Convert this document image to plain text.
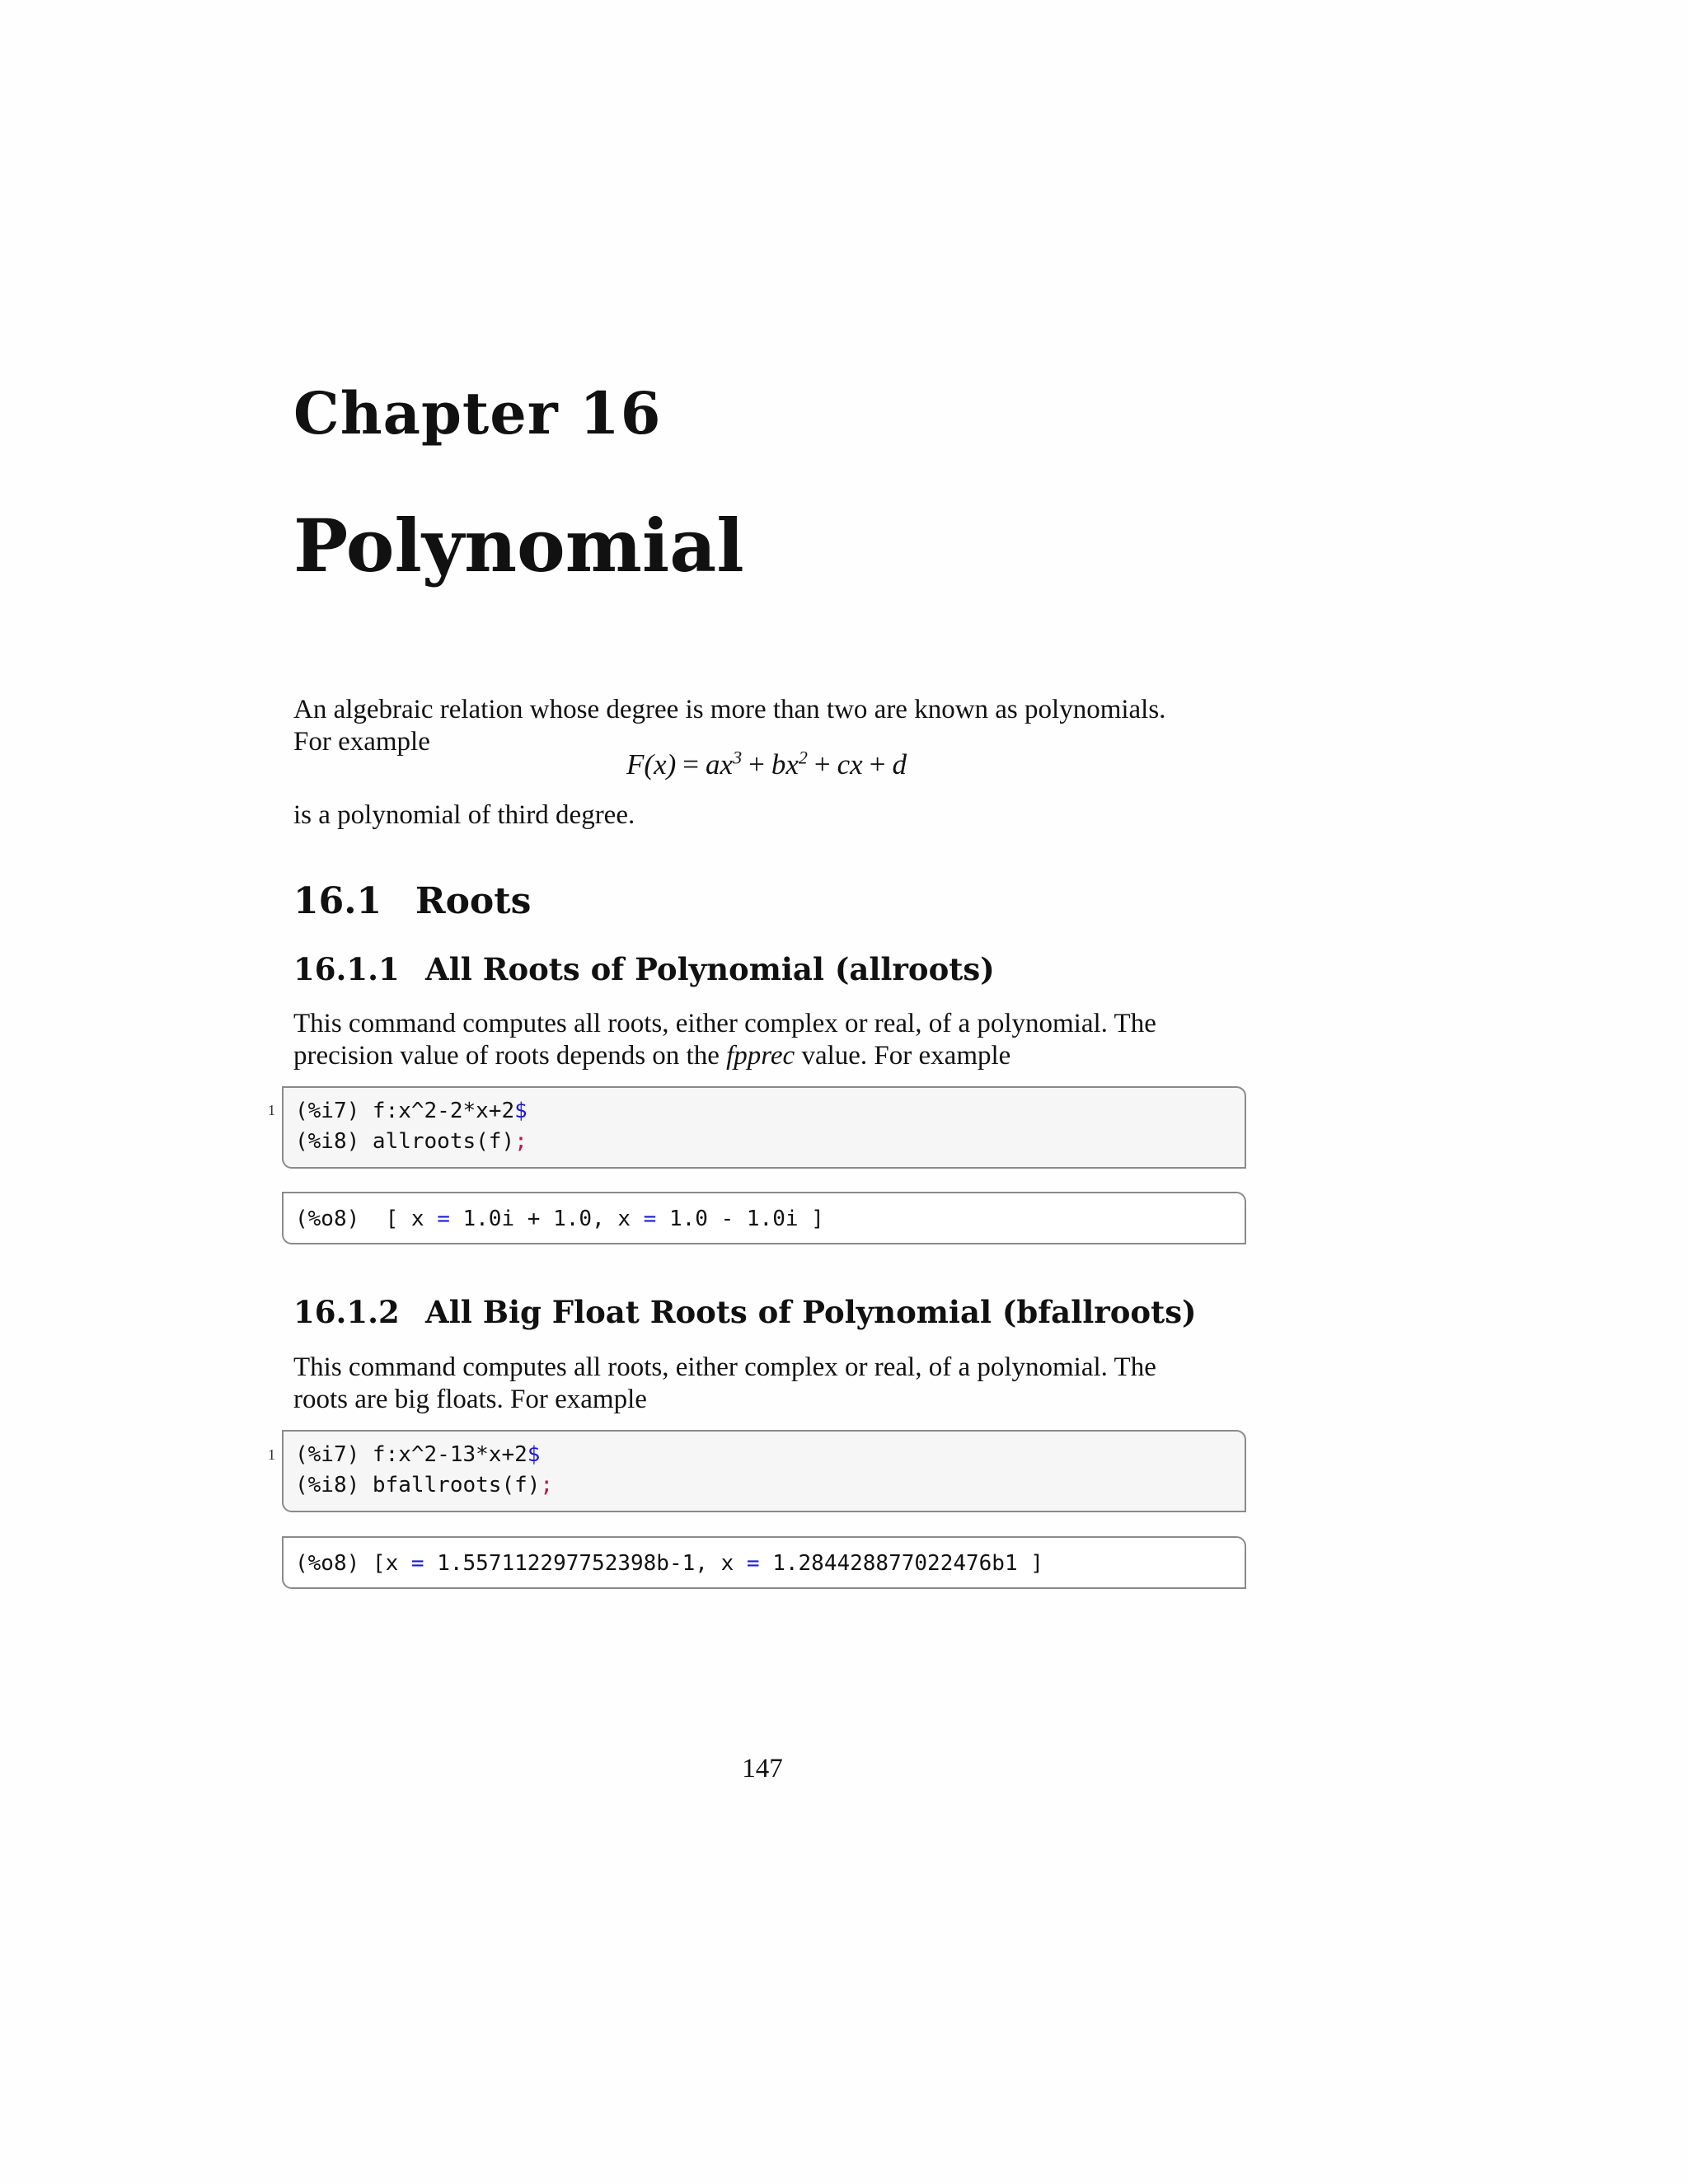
Chapter 16
Polynomial
An algebraic relation whose degree is more than two are known as polynomials.
For example
$F(x) = ax^3 + bx^2$ + cx + d
is a polynomial of third degree.
16.1 Roots
16.1.1 All Roots of Polynomial (allroots)
This command computes all roots, either complex or real, of a polynomial. The
precision value of roots depends on the fpprec value. For example
1 (%i7) f:x^2-2*x+2$
(%i8) allroots(f);
(%o8)  [ x = 1.0i + 1.0, x = 1.0 - 1.0i ]
16.1.2 All Big Float Roots of Polynomial (bfallroots)
This command computes all roots, either complex or real, of a polynomial. The
roots are big floats. For example
1 (%i7) f:x^2-13*x+2$
(%i8) bfallroots(f);
(%o8) [x = 1.557112297752398b-1, x = 1.284428877022476b1 ]
147
